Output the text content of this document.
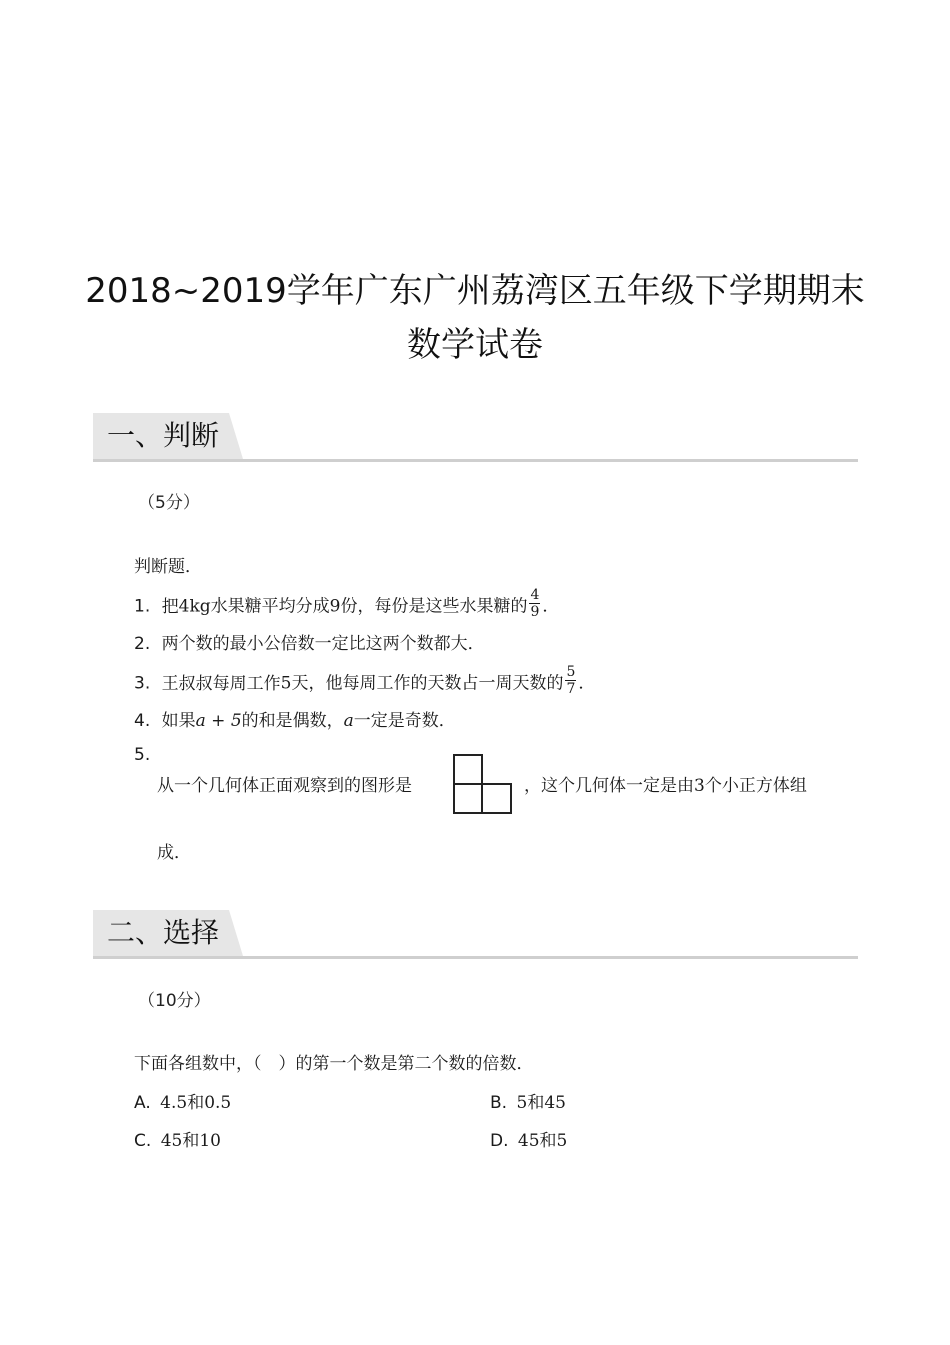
2018~2019学年广东广州荔湾区五年级下学期期末
数学试卷
一、判断
（5分）
判断题．
1. 把4kg水果糖平均分成9份，每份是这些水果糖的 $\frac{4}{9}$ ．
2. 两个数的最小公倍数一定比这两个数都大．
3. 王叔叔每周工作5天，他每周工作的天数占一周天数的 $\frac{5}{7}$ ．
4. 如果a + 5的和是偶数，a一定是奇数．
5.
从一个几何体正面观察到的图形是	，这个几何体一定是由3个小正方体组
成．
二、选择
（10分）
下面各组数中，（　）的第一个数是第二个数的倍数．
A. 4.5和0.5	B. 5和45
C. 45和10	D. 45和5
